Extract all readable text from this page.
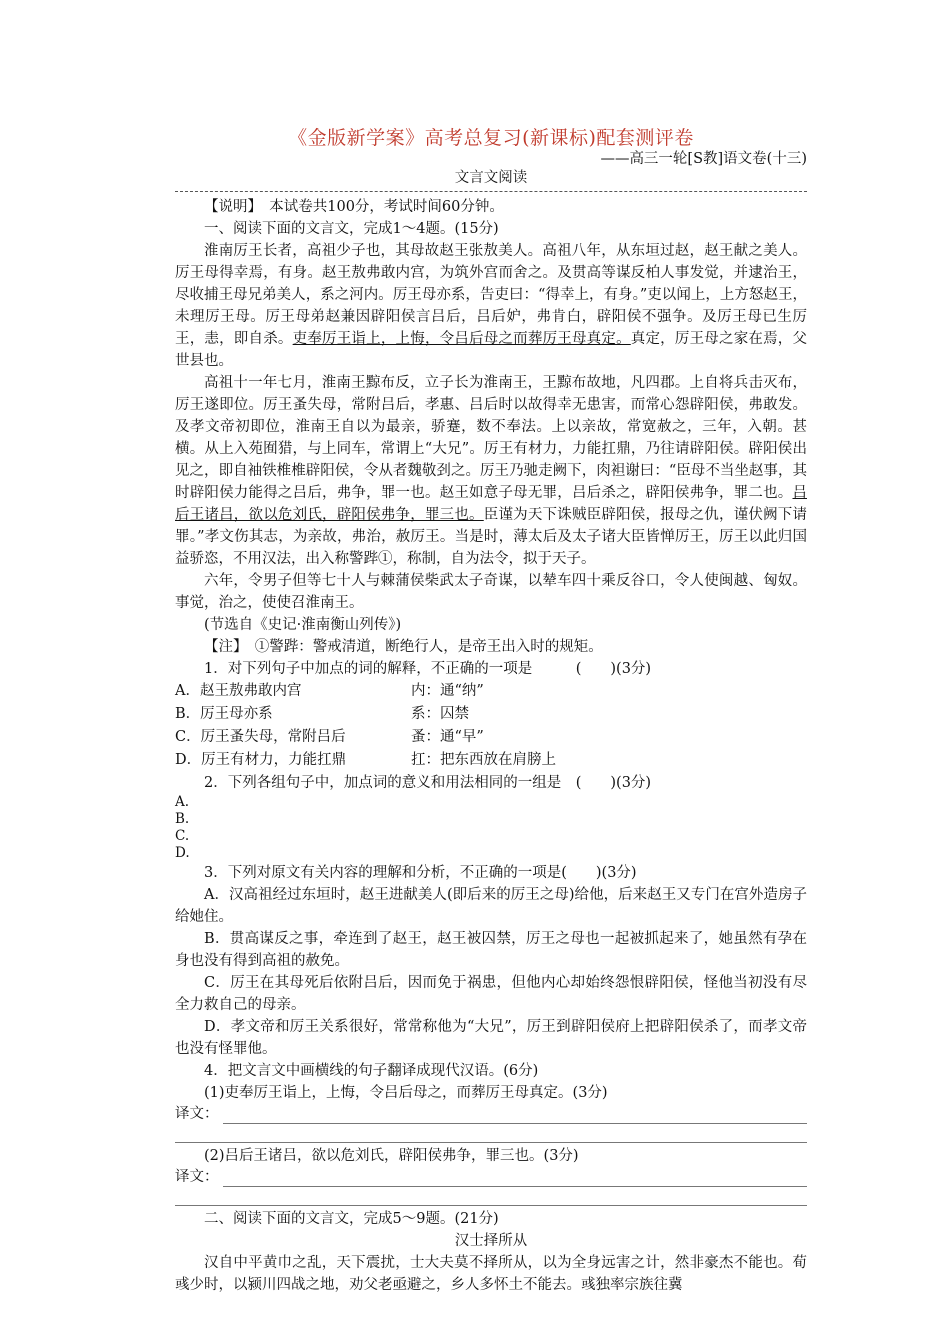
《金版新学案》高考总复习(新课标)配套测评卷
——高三一轮[S教]语文卷(十三)
文言文阅读

【说明】　本试卷共100分，考试时间60分钟。

一、阅读下面的文言文，完成1～4题。(15分)

淮南厉王长者，高祖少子也，其母故赵王张敖美人。高祖八年，从东垣过赵，赵王献之美人。厉王母得幸焉，有身。赵王敖弗敢内宫，为筑外宫而舍之。及贯高等谋反柏人事发觉，并逮治王，尽收捕王母兄弟美人，系之河内。厉王母亦系，告吏曰：“得幸上，有身。”吏以闻上，上方怒赵王，未理厉王母。厉王母弟赵兼因辟阳侯言吕后，吕后妒，弗肯白，辟阳侯不强争。及厉王母已生厉王，恚，即自杀。吏奉厉王诣上，上悔，令吕后母之而葬厉王母真定。真定，厉王母之家在焉，父世县也。

高祖十一年七月，淮南王黥布反，立子长为淮南王，王黥布故地，凡四郡。上自将兵击灭布，厉王遂即位。厉王蚤失母，常附吕后，孝惠、吕后时以故得幸无患害，而常心怨辟阳侯，弗敢发。及孝文帝初即位，淮南王自以为最亲，骄蹇，数不奉法。上以亲故，常宽赦之，三年，入朝。甚横。从上入苑囿猎，与上同车，常谓上“大兄”。厉王有材力，力能扛鼎，乃往请辟阳侯。辟阳侯出见之，即自袖铁椎椎辟阳侯，令从者魏敬刭之。厉王乃驰走阙下，肉袒谢曰：“臣母不当坐赵事，其时辟阳侯力能得之吕后，弗争，罪一也。赵王如意子母无罪，吕后杀之，辟阳侯弗争，罪二也。吕后王诸吕，欲以危刘氏，辟阳侯弗争，罪三也。臣谨为天下诛贼臣辟阳侯，报母之仇，谨伏阙下请罪。”孝文伤其志，为亲故，弗治，赦厉王。当是时，薄太后及太子诸大臣皆惮厉王，厉王以此归国益骄恣，不用汉法，出入称警跸①，称制，自为法令，拟于天子。

六年，令男子但等七十人与棘蒲侯柴武太子奇谋，以辇车四十乘反谷口，令人使闽越、匈奴。事觉，治之，使使召淮南王。

(节选自《史记·淮南衡山列传》)

【注】　①警跸：警戒清道，断绝行人，是帝王出入时的规矩。

1．对下列句子中加点的词的解释，不正确的一项是　　　(　　)(3分)

A．赵王敖弗敢内宫	内：通“纳”
B．厉王母亦系	系：囚禁
C．厉王蚤失母，常附吕后	蚤：通“早”
D．厉王有材力，力能扛鼎	扛：把东西放在肩膀上

2．下列各组句子中，加点词的意义和用法相同的一组是　(　　)(3分)

A.

B.

C.

D.

3．下列对原文有关内容的理解和分析，不正确的一项是(　　)(3分)

A．汉高祖经过东垣时，赵王进献美人(即后来的厉王之母)给他，后来赵王又专门在宫外造房子给她住。

B．贯高谋反之事，牵连到了赵王，赵王被囚禁，厉王之母也一起被抓起来了，她虽然有孕在身也没有得到高祖的赦免。

C．厉王在其母死后依附吕后，因而免于祸患，但他内心却始终怨恨辟阳侯，怪他当初没有尽全力救自己的母亲。

D．孝文帝和厉王关系很好，常常称他为“大兄”，厉王到辟阳侯府上把辟阳侯杀了，而孝文帝也没有怪罪他。

4．把文言文中画横线的句子翻译成现代汉语。(6分)

(1)吏奉厉王诣上，上悔，令吕后母之，而葬厉王母真定。(3分)

译文：

(2)吕后王诸吕，欲以危刘氏，辟阳侯弗争，罪三也。(3分)

译文：

二、阅读下面的文言文，完成5～9题。(21分)

汉士择所从

汉自中平黄巾之乱，天下震扰，士大夫莫不择所从，以为全身远害之计，然非豪杰不能也。荀彧少时，以颍川四战之地，劝父老亟避之，乡人多怀土不能去。彧独率宗族往冀
